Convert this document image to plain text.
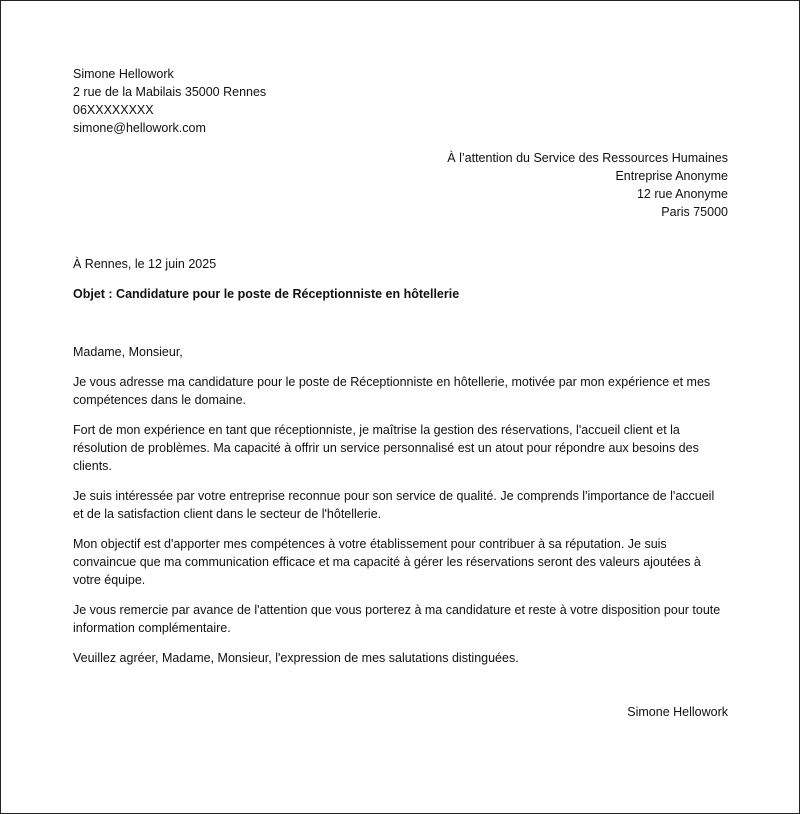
Simone Hellowork
2 rue de la Mabilais 35000 Rennes
06XXXXXXXX
simone@hellowork.com
À l’attention du Service des Ressources Humaines
Entreprise Anonyme
12 rue Anonyme
Paris 75000

À Rennes, le 12 juin 2025

Objet : Candidature pour le poste de Réceptionniste en hôtellerie

Madame, Monsieur,

Je vous adresse ma candidature pour le poste de Réceptionniste en hôtellerie, motivée par mon expérience et mes compétences dans le domaine.

Fort de mon expérience en tant que réceptionniste, je maîtrise la gestion des réservations, l'accueil client et la résolution de problèmes. Ma capacité à offrir un service personnalisé est un atout pour répondre aux besoins des clients.

Je suis intéressée par votre entreprise reconnue pour son service de qualité. Je comprends l'importance de l'accueil et de la satisfaction client dans le secteur de l'hôtellerie.

Mon objectif est d'apporter mes compétences à votre établissement pour contribuer à sa réputation. Je suis convaincue que ma communication efficace et ma capacité à gérer les réservations seront des valeurs ajoutées à votre équipe.

Je vous remercie par avance de l'attention que vous porterez à ma candidature et reste à votre disposition pour toute information complémentaire.

Veuillez agréer, Madame, Monsieur, l'expression de mes salutations distinguées.

Simone Hellowork
